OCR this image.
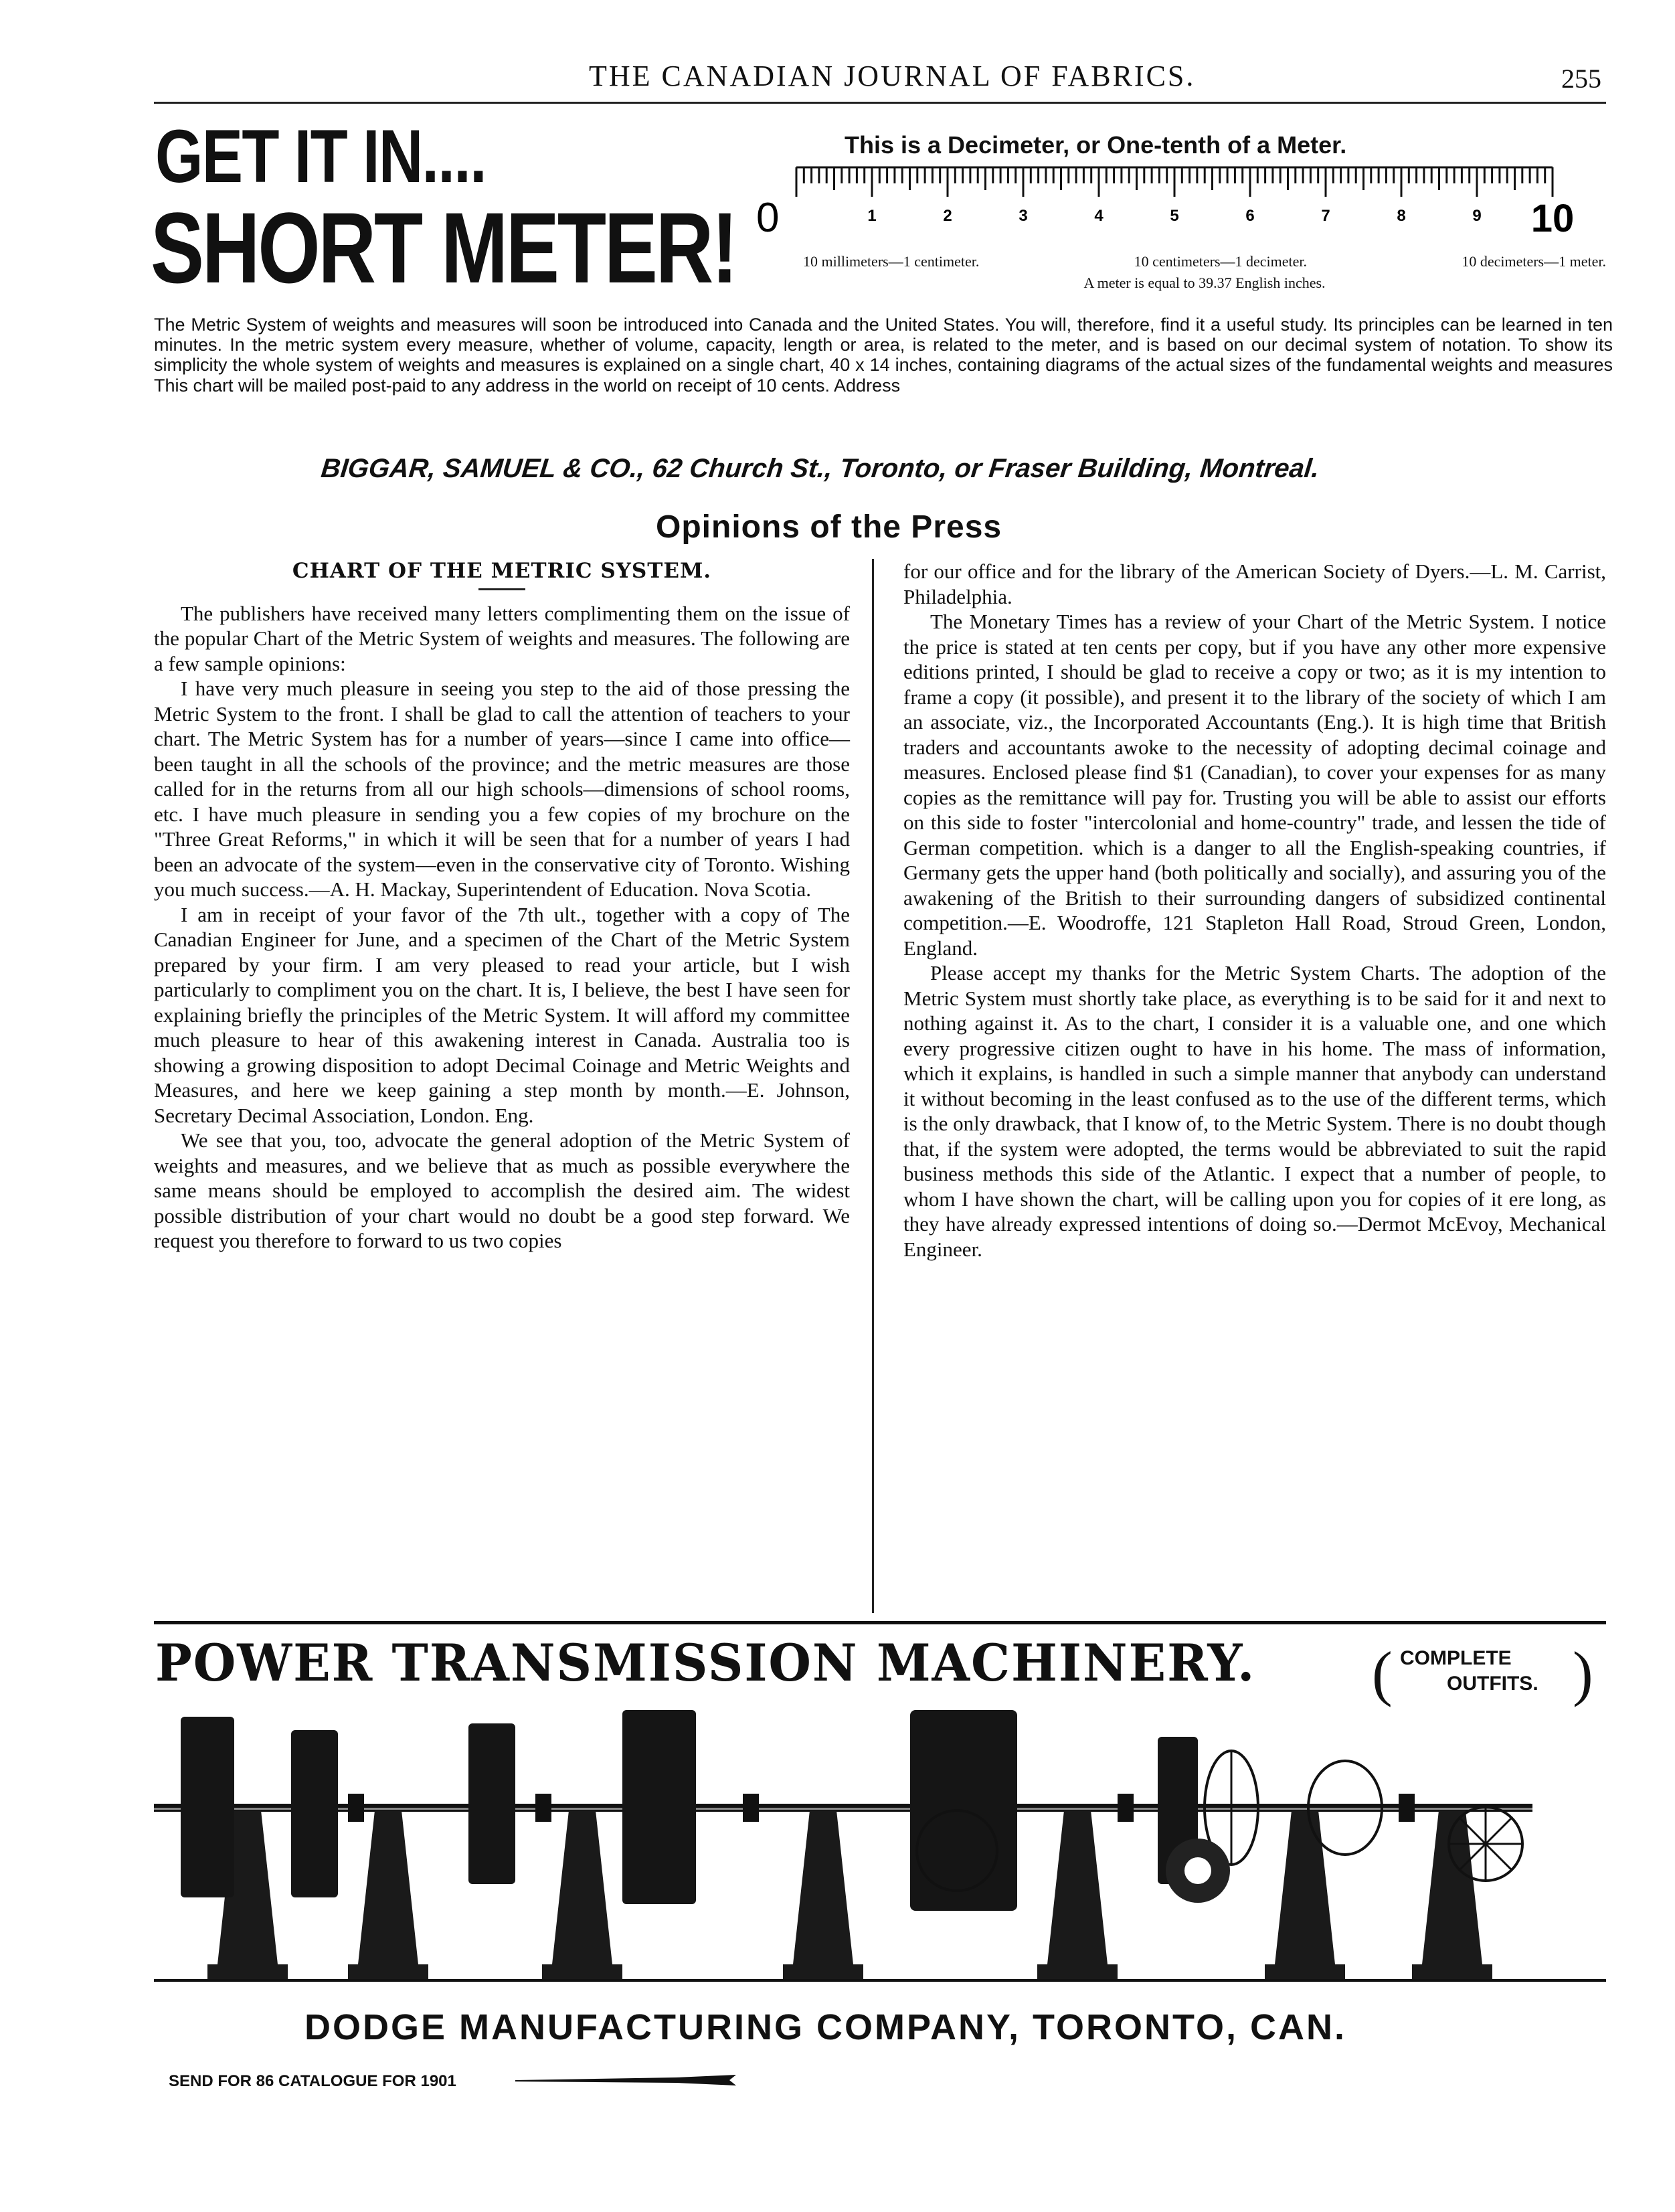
THE CANADIAN JOURNAL OF FABRICS.	255
GET IT IN....
SHORT METER!
This is a Decimeter, or One-tenth of a Meter.
0	1	2	3	4	5	6	7	8	9 10
10 millimeters—1 centimeter.	10 centimeters—1 decimeter.	10 decimeters—1 meter.
A meter is equal to 39.37 English inches.
The Metric System of weights and measures will soon be introduced into Canada and the United States. You will, therefore, find it a useful study. Its principles can be learned in ten minutes. In the metric system every measure, whether of volume, capacity, length or area, is related to the meter, and is based on our decimal system of notation. To show its simplicity the whole system of weights and measures is explained on a single chart, 40 x 14 inches, containing diagrams of the actual sizes of the fundamental weights and measures This chart will be mailed post-paid to any address in the world on receipt of 10 cents. Address
BIGGAR, SAMUEL & CO., 62 Church St., Toronto, or Fraser Building, Montreal.
Opinions of the Press

CHART OF THE METRIC SYSTEM.

The publishers have received many letters complimenting them on the issue of the popular Chart of the Metric System of weights and measures. The following are a few sample opinions:

I have very much pleasure in seeing you step to the aid of those pressing the Metric System to the front. I shall be glad to call the attention of teachers to your chart. The Metric System has for a number of years—since I came into office—been taught in all the schools of the province; and the metric measures are those called for in the returns from all our high schools—dimensions of school rooms, etc. I have much pleasure in sending you a few copies of my brochure on the "Three Great Reforms," in which it will be seen that for a number of years I had been an advocate of the system—even in the conservative city of Toronto. Wishing you much success.—A. H. Mackay, Superintendent of Education. Nova Scotia.

I am in receipt of your favor of the 7th ult., together with a copy of The Canadian Engineer for June, and a specimen of the Chart of the Metric System prepared by your firm. I am very pleased to read your article, but I wish particularly to compliment you on the chart. It is, I believe, the best I have seen for explaining briefly the principles of the Metric System. It will afford my committee much pleasure to hear of this awakening interest in Canada. Australia too is showing a growing disposition to adopt Decimal Coinage and Metric Weights and Measures, and here we keep gaining a step month by month.—E. Johnson, Secretary Decimal Association, London. Eng.

We see that you, too, advocate the general adoption of the Metric System of weights and measures, and we believe that as much as possible everywhere the same means should be employed to accomplish the desired aim. The widest possible distribution of your chart would no doubt be a good step forward. We request you therefore to forward to us two copies

for our office and for the library of the American Society of Dyers.—L. M. Carrist, Philadelphia.

The Monetary Times has a review of your Chart of the Metric System. I notice the price is stated at ten cents per copy, but if you have any other more expensive editions printed, I should be glad to receive a copy or two; as it is my intention to frame a copy (it possible), and present it to the library of the society of which I am an associate, viz., the Incorporated Accountants (Eng.). It is high time that British traders and accountants awoke to the necessity of adopting decimal coinage and measures. Enclosed please find $1 (Canadian), to cover your expenses for as many copies as the remittance will pay for. Trusting you will be able to assist our efforts on this side to foster "intercolonial and home-country" trade, and lessen the tide of German competition. which is a danger to all the English-speaking countries, if Germany gets the upper hand (both politically and socially), and assuring you of the awakening of the British to their surrounding dangers of subsidized continental competition.—E. Woodroffe, 121 Stapleton Hall Road, Stroud Green, London, England.

Please accept my thanks for the Metric System Charts. The adoption of the Metric System must shortly take place, as everything is to be said for it and next to nothing against it. As to the chart, I consider it is a valuable one, and one which every progressive citizen ought to have in his home. The mass of information, which it explains, is handled in such a simple manner that anybody can understand it without becoming in the least confused as to the use of the different terms, which is the only drawback, that I know of, to the Metric System. There is no doubt though that, if the system were adopted, the terms would be abbreviated to suit the rapid business methods this side of the Atlantic. I expect that a number of people, to whom I have shown the chart, will be calling upon you for copies of it ere long, as they have already expressed intentions of doing so.—Dermot McEvoy, Mechanical Engineer.

POWER TRANSMISSION MACHINERY. ( COMPLETE
OUTFITS. )
DODGE MANUFACTURING COMPANY, TORONTO, CAN.
SEND FOR 86 CATALOGUE FOR 1901
